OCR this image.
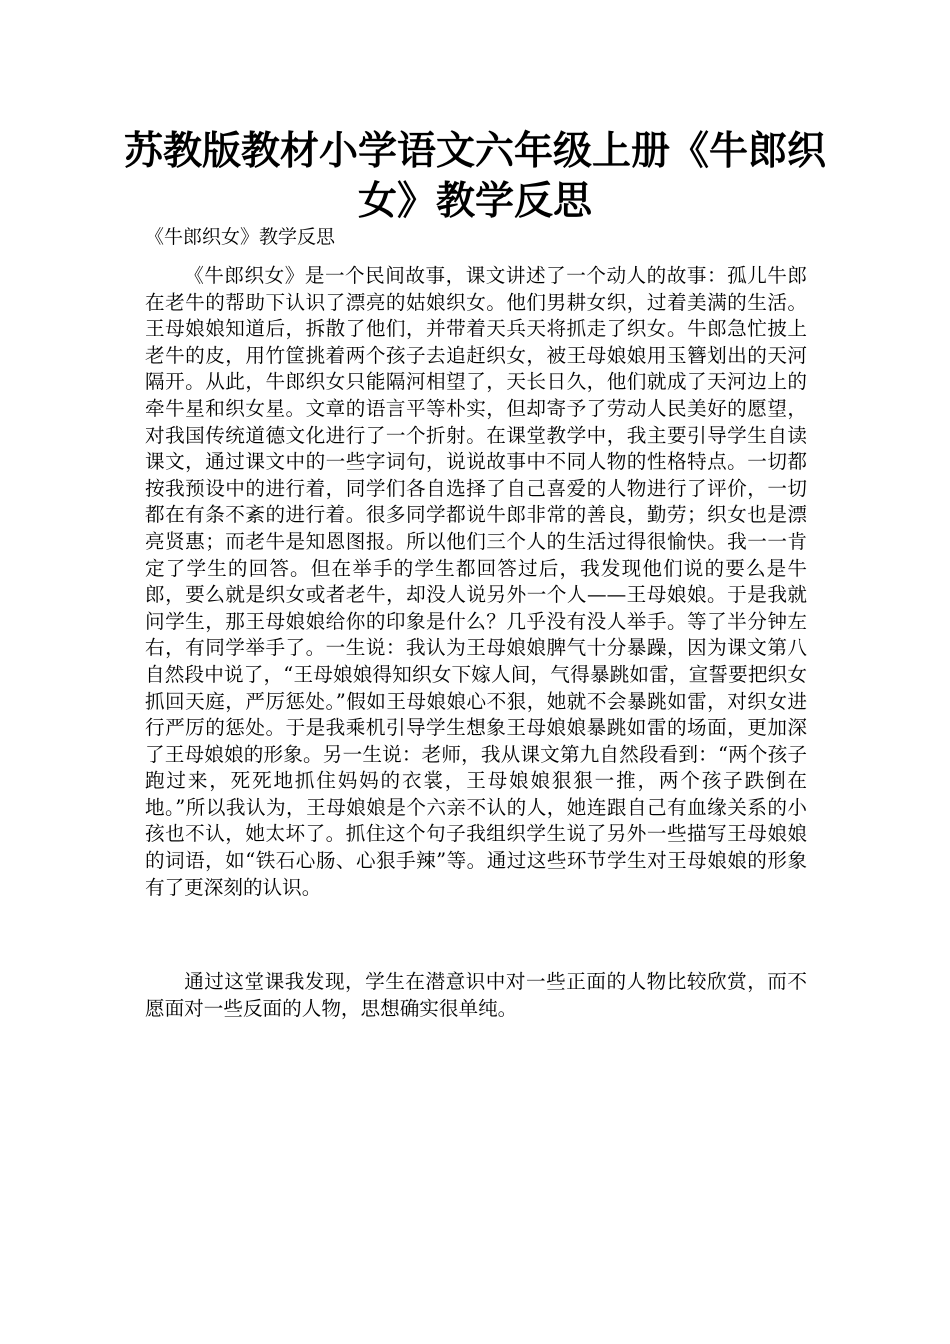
苏教版教材小学语文六年级上册《牛郎织女》教学反思

《牛郎织女》教学反思

《牛郎织女》是一个民间故事，课文讲述了一个动人的故事：孤儿牛郎在老牛的帮助下认识了漂亮的姑娘织女。他们男耕女织，过着美满的生活。王母娘娘知道后，拆散了他们，并带着天兵天将抓走了织女。牛郎急忙披上老牛的皮，用竹筐挑着两个孩子去追赶织女，被王母娘娘用玉簪划出的天河隔开。从此，牛郎织女只能隔河相望了，天长日久，他们就成了天河边上的牵牛星和织女星。文章的语言平等朴实，但却寄予了劳动人民美好的愿望，对我国传统道德文化进行了一个折射。在课堂教学中，我主要引导学生自读课文，通过课文中的一些字词句，说说故事中不同人物的性格特点。一切都按我预设中的进行着，同学们各自选择了自己喜爱的人物进行了评价，一切都在有条不紊的进行着。很多同学都说牛郎非常的善良，勤劳；织女也是漂亮贤惠；而老牛是知恩图报。所以他们三个人的生活过得很愉快。我一一肯定了学生的回答。但在举手的学生都回答过后，我发现他们说的要么是牛郎，要么就是织女或者老牛，却没人说另外一个人——王母娘娘。于是我就问学生，那王母娘娘给你的印象是什么？几乎没有没人举手。等了半分钟左右，有同学举手了。一生说：我认为王母娘娘脾气十分暴躁，因为课文第八自然段中说了，“王母娘娘得知织女下嫁人间，气得暴跳如雷，宣誓要把织女抓回天庭，严厉惩处。”假如王母娘娘心不狠，她就不会暴跳如雷，对织女进行严厉的惩处。于是我乘机引导学生想象王母娘娘暴跳如雷的场面，更加深了王母娘娘的形象。另一生说：老师，我从课文第九自然段看到：“两个孩子跑过来，死死地抓住妈妈的衣裳，王母娘娘狠狠一推，两个孩子跌倒在地。”所以我认为，王母娘娘是个六亲不认的人，她连跟自己有血缘关系的小孩也不认，她太坏了。抓住这个句子我组织学生说了另外一些描写王母娘娘的词语，如“铁石心肠、心狠手辣”等。通过这些环节学生对王母娘娘的形象有了更深刻的认识。

通过这堂课我发现，学生在潜意识中对一些正面的人物比较欣赏，而不愿面对一些反面的人物，思想确实很单纯。
